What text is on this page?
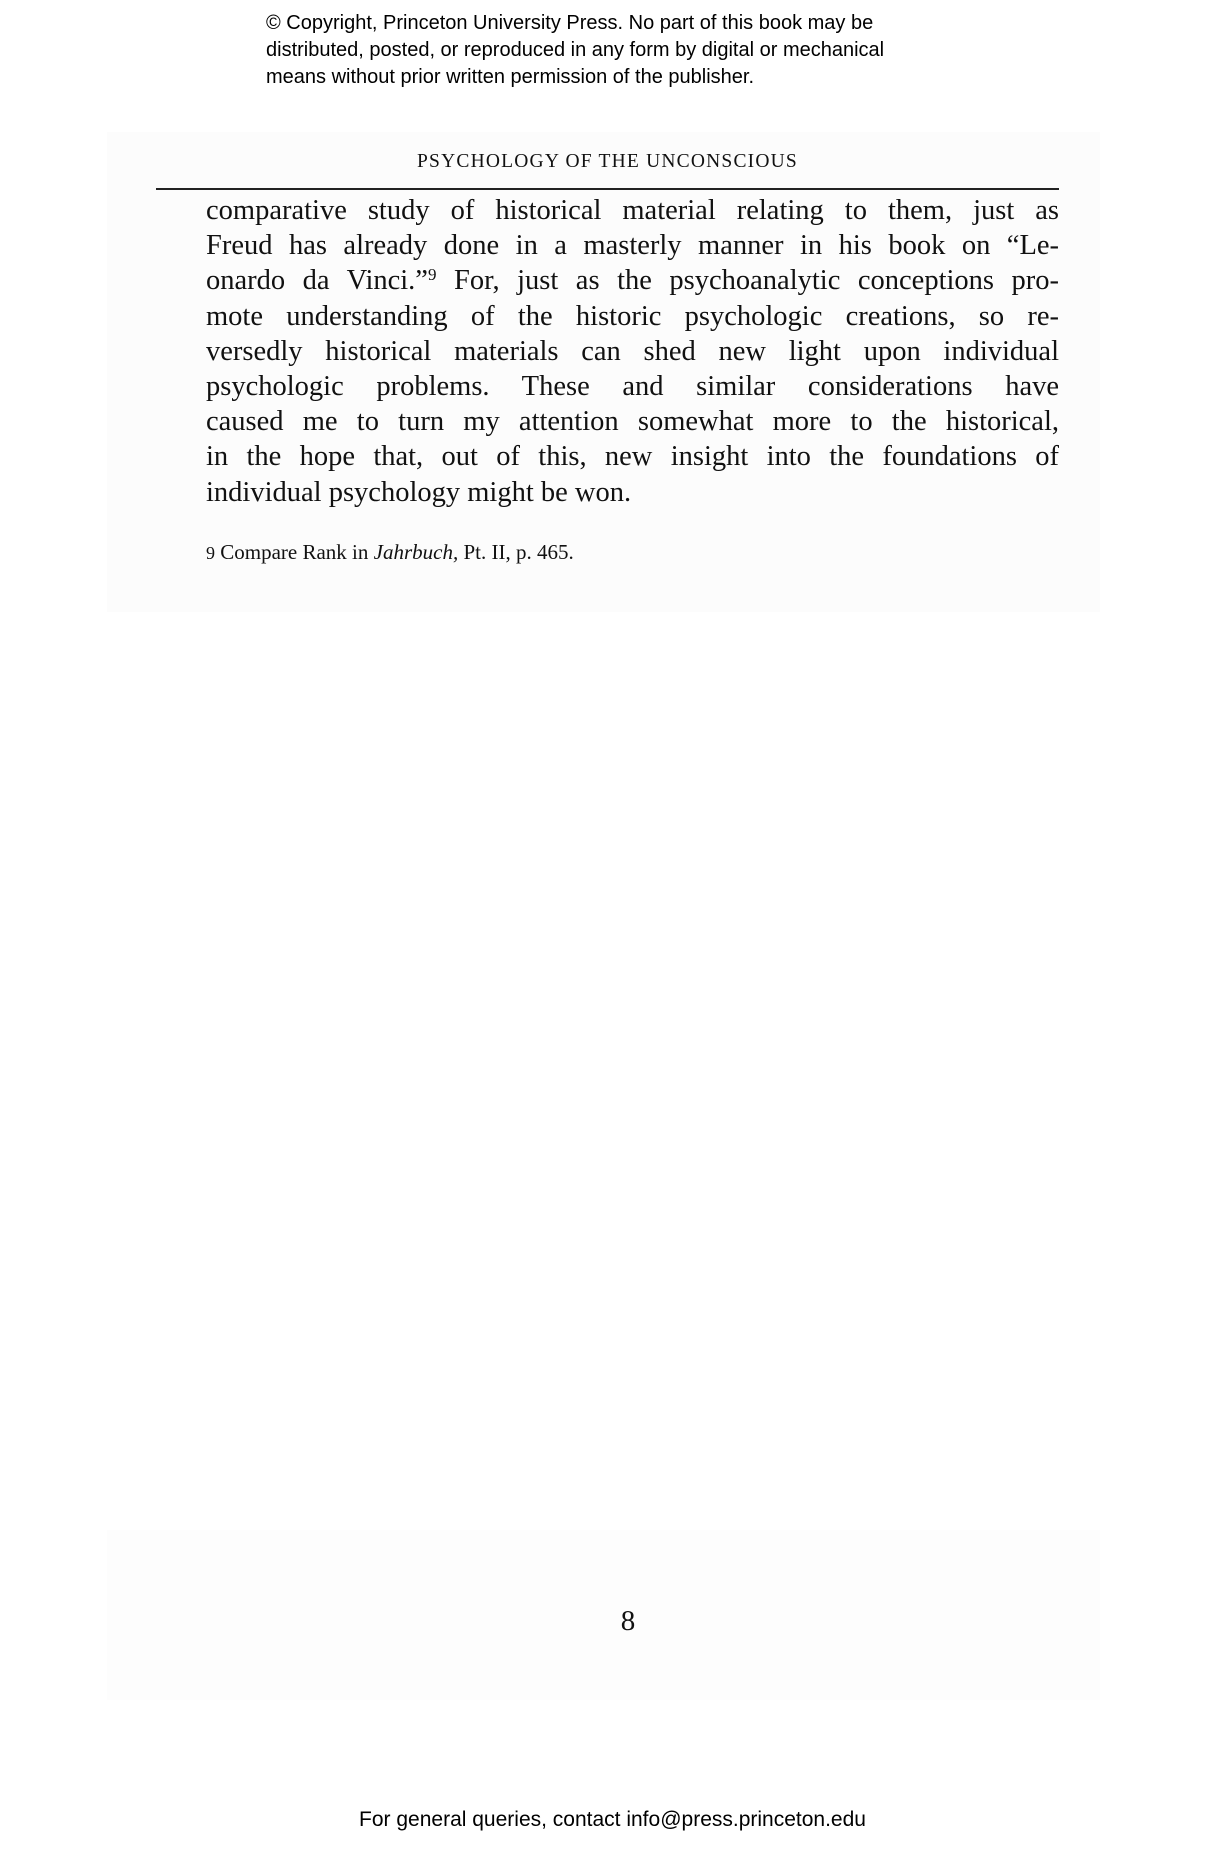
© Copyright, Princeton University Press. No part of this book may be
distributed, posted, or reproduced in any form by digital or mechanical
means without prior written permission of the publisher.
PSYCHOLOGY OF THE UNCONSCIOUS
comparative study of historical material relating to them, just as
Freud has already done in a masterly manner in his book on “Le-
onardo da Vinci.”$^9$ For, just as the psychoanalytic conceptions pro-
mote understanding of the historic psychologic creations, so re-
versedly historical materials can shed new light upon individual
psychologic problems. These and similar considerations have
caused me to turn my attention somewhat more to the historical,
in the hope that, out of this, new insight into the foundations of
individual psychology might be won.
9 Compare Rank in Jahrbuch, Pt. II, p. 465.
8
For general queries, contact info@press.princeton.edu
